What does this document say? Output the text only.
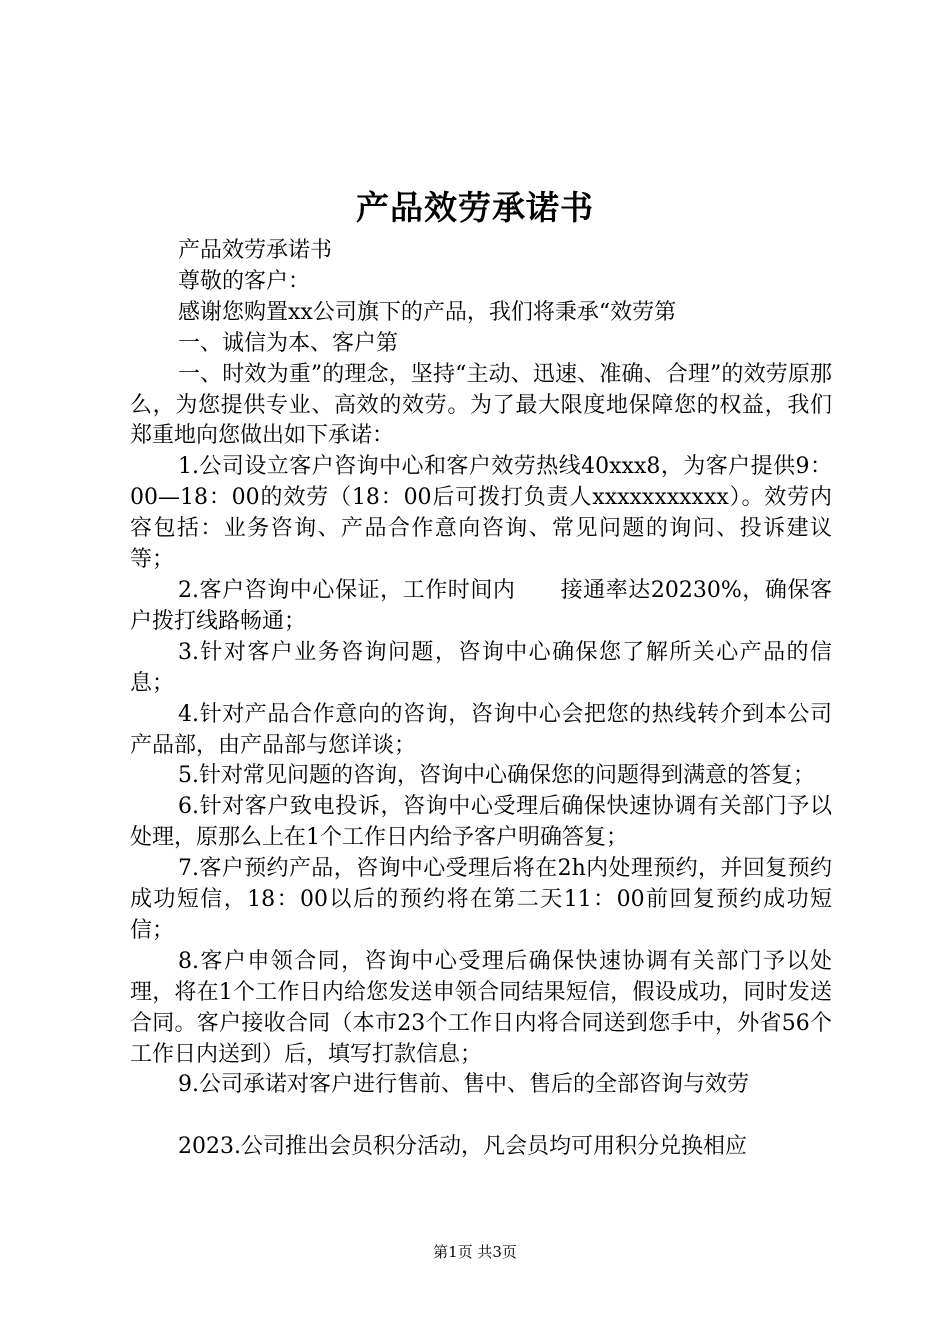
产品效劳承诺书

产品效劳承诺书

尊敬的客户：

感谢您购置xx公司旗下的产品，我们将秉承“效劳第

一、诚信为本、客户第

一、时效为重”的理念，坚持“主动、迅速、准确、合理”的效劳原那么，为您提供专业、高效的效劳。为了最大限度地保障您的权益，我们郑重地向您做出如下承诺：

1.公司设立客户咨询中心和客户效劳热线40xxx8，为客户提供9：00—18：00的效劳（18：00后可拨打负责人xxxxxxxxxxx）。效劳内容包括：业务咨询、产品合作意向咨询、常见问题的询问、投诉建议等；

2.客户咨询中心保证，工作时间内　　接通率达20230%，确保客户拨打线路畅通；

3.针对客户业务咨询问题，咨询中心确保您了解所关心产品的信息；

4.针对产品合作意向的咨询，咨询中心会把您的热线转介到本公司产品部，由产品部与您详谈；

5.针对常见问题的咨询，咨询中心确保您的问题得到满意的答复；

6.针对客户致电投诉，咨询中心受理后确保快速协调有关部门予以处理，原那么上在1个工作日内给予客户明确答复；

7.客户预约产品，咨询中心受理后将在2h内处理预约，并回复预约成功短信，18：00以后的预约将在第二天11：00前回复预约成功短信；

8.客户申领合同，咨询中心受理后确保快速协调有关部门予以处理，将在1个工作日内给您发送申领合同结果短信，假设成功，同时发送合同。客户接收合同（本市23个工作日内将合同送到您手中，外省56个工作日内送到）后，填写打款信息；

9.公司承诺对客户进行售前、售中、售后的全部咨询与效劳

2023.公司推出会员积分活动，凡会员均可用积分兑换相应

第1页 共3页
